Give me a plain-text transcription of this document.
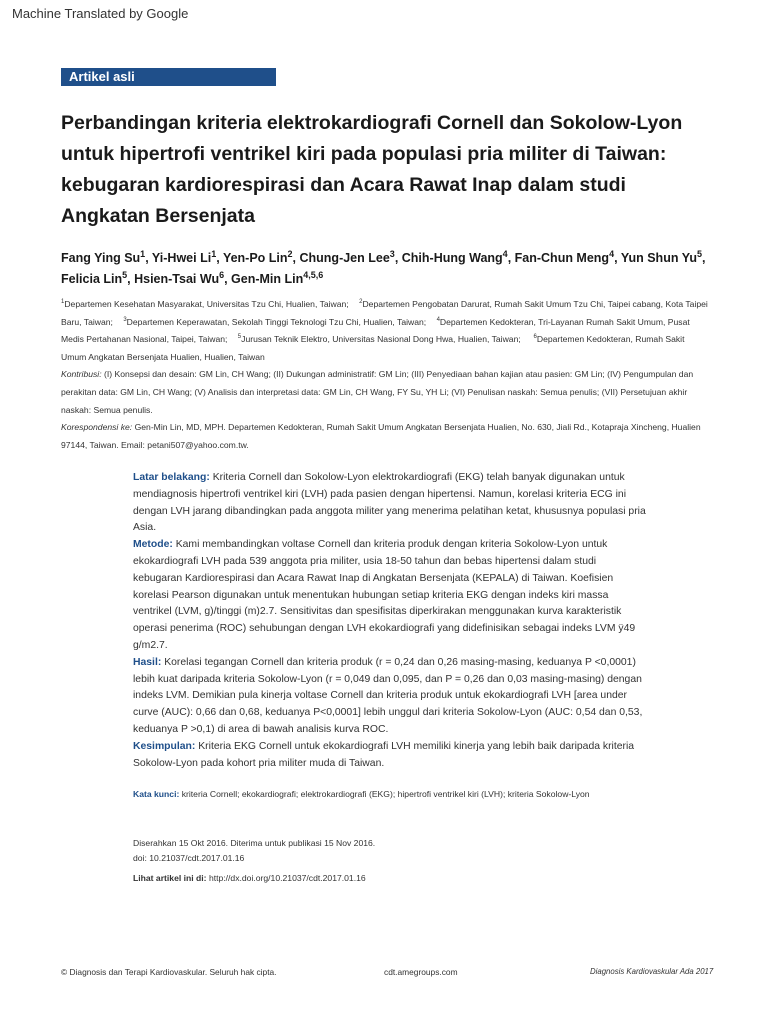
Machine Translated by Google
Artikel asli
Perbandingan kriteria elektrokardiografi Cornell dan Sokolow-Lyon untuk hipertrofi ventrikel kiri pada populasi pria militer di Taiwan: kebugaran kardiorespirasi dan Acara Rawat Inap dalam studi Angkatan Bersenjata
Fang Ying Su$^1$, Yi-Hwei Li$^1$, Yen-Po Lin$^2$, Chung-Jen Lee$^3$, Chih-Hung Wang$^4$, Fan-Chun Meng$^4$, Yun Shun Yu$^5$, Felicia Lin$^5$, Hsien-Tsai Wu$^6$, Gen-Min Lin$^{4,5,6}$

$^1$Departemen Kesehatan Masyarakat, Universitas Tzu Chi, Hualien, Taiwan; $^2$Departemen Pengobatan Darurat, Rumah Sakit Umum Tzu Chi, Taipei cabang, Kota Taipei Baru, Taiwan; $^3$Departemen Keperawatan, Sekolah Tinggi Teknologi Tzu Chi, Hualien, Taiwan; $^4$Departemen Kedokteran, Tri-Layanan Rumah Sakit Umum, Pusat Medis Pertahanan Nasional, Taipei, Taiwan; $^5$Jurusan Teknik Elektro, Universitas Nasional Dong Hwa, Hualien, Taiwan; $^6$Departemen Kedokteran, Rumah Sakit Umum Angkatan Bersenjata Hualien, Hualien, Taiwan

Kontribusi: (I) Konsepsi dan desain: GM Lin, CH Wang; (II) Dukungan administratif: GM Lin; (III) Penyediaan bahan kajian atau pasien: GM Lin; (IV) Pengumpulan dan perakitan data: GM Lin, CH Wang; (V) Analisis dan interpretasi data: GM Lin, CH Wang, FY Su, YH Li; (VI) Penulisan naskah: Semua penulis; (VII) Persetujuan akhir naskah: Semua penulis.

Korespondensi ke: Gen-Min Lin, MD, MPH. Departemen Kedokteran, Rumah Sakit Umum Angkatan Bersenjata Hualien, No. 630, Jiali Rd., Kotapraja Xincheng, Hualien 97144, Taiwan. Email: petani507@yahoo.com.tw.

Latar belakang: Kriteria Cornell dan Sokolow-Lyon elektrokardiografi (EKG) telah banyak digunakan untuk mendiagnosis hipertrofi ventrikel kiri (LVH) pada pasien dengan hipertensi. Namun, korelasi kriteria ECG ini dengan LVH jarang dibandingkan pada anggota militer yang menerima pelatihan ketat, khususnya populasi pria Asia.

Metode: Kami membandingkan voltase Cornell dan kriteria produk dengan kriteria Sokolow-Lyon untuk ekokardiografi LVH pada 539 anggota pria militer, usia 18-50 tahun dan bebas hipertensi dalam studi kebugaran Kardiorespirasi dan Acara Rawat Inap di Angkatan Bersenjata (KEPALA) di Taiwan. Koefisien korelasi Pearson digunakan untuk menentukan hubungan setiap kriteria EKG dengan indeks kiri massa ventrikel (LVM, g)/tinggi (m)2.7. Sensitivitas dan spesifisitas diperkirakan menggunakan kurva karakteristik operasi penerima (ROC) sehubungan dengan LVH ekokardiografi yang didefinisikan sebagai indeks LVM ÿ49 g/m2.7.

Hasil: Korelasi tegangan Cornell dan kriteria produk (r = 0,24 dan 0,26 masing-masing, keduanya P <0,0001) lebih kuat daripada kriteria Sokolow-Lyon (r = 0,049 dan 0,095, dan P = 0,26 dan 0,03 masing-masing) dengan indeks LVM. Demikian pula kinerja voltase Cornell dan kriteria produk untuk ekokardiografi LVH [area under curve (AUC): 0,66 dan 0,68, keduanya P<0,0001] lebih unggul dari kriteria Sokolow-Lyon (AUC: 0,54 dan 0,53, keduanya P >0,1) di area di bawah analisis kurva ROC.

Kesimpulan: Kriteria EKG Cornell untuk ekokardiografi LVH memiliki kinerja yang lebih baik daripada kriteria Sokolow-Lyon pada kohort pria militer muda di Taiwan.

Kata kunci: kriteria Cornell; ekokardiografi; elektrokardiografi (EKG); hipertrofi ventrikel kiri (LVH); kriteria Sokolow-Lyon

Diserahkan 15 Okt 2016. Diterima untuk publikasi 15 Nov 2016.

doi: 10.21037/cdt.2017.01.16

Lihat artikel ini di: http://dx.doi.org/10.21037/cdt.2017.01.16

© Diagnosis dan Terapi Kardiovaskular. Seluruh hak cipta.	cdt.amegroups.com	Diagnosis Kardiovaskular Ada 2017
